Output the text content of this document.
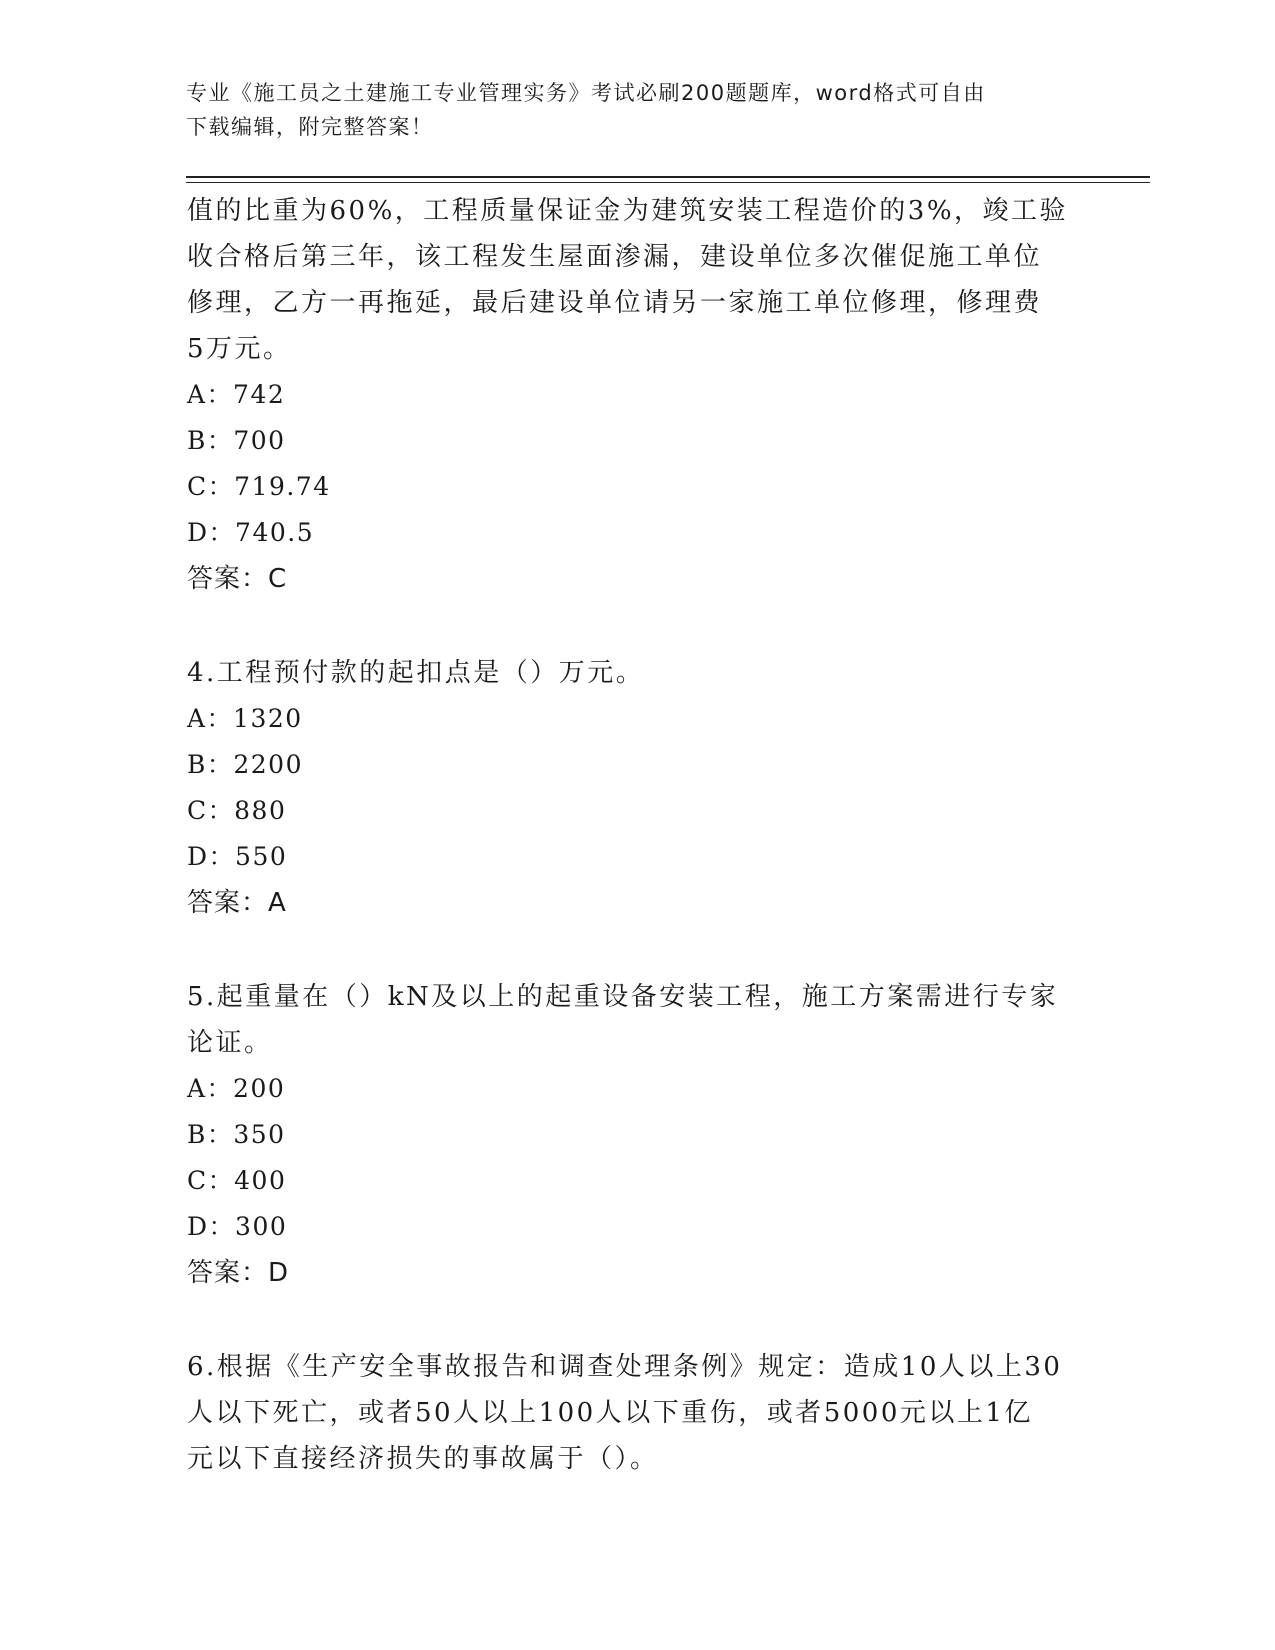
专业《施工员之土建施工专业管理实务》考试必刷200题题库，word格式可自由
下载编辑，附完整答案！
值的比重为60%，工程质量保证金为建筑安装工程造价的3%，竣工验
收合格后第三年，该工程发生屋面渗漏，建设单位多次催促施工单位
修理，乙方一再拖延，最后建设单位请另一家施工单位修理，修理费
5万元。
A：742
B：700
C：719.74
D：740.5
答案：C
4.工程预付款的起扣点是（）万元。
A：1320
B：2200
C：880
D：550
答案：A
5.起重量在（）kN及以上的起重设备安装工程，施工方案需进行专家
论证。
A：200
B：350
C：400
D：300
答案：D
6.根据《生产安全事故报告和调查处理条例》规定：造成10人以上30
人以下死亡，或者50人以上100人以下重伤，或者5000元以上1亿
元以下直接经济损失的事故属于（）。
